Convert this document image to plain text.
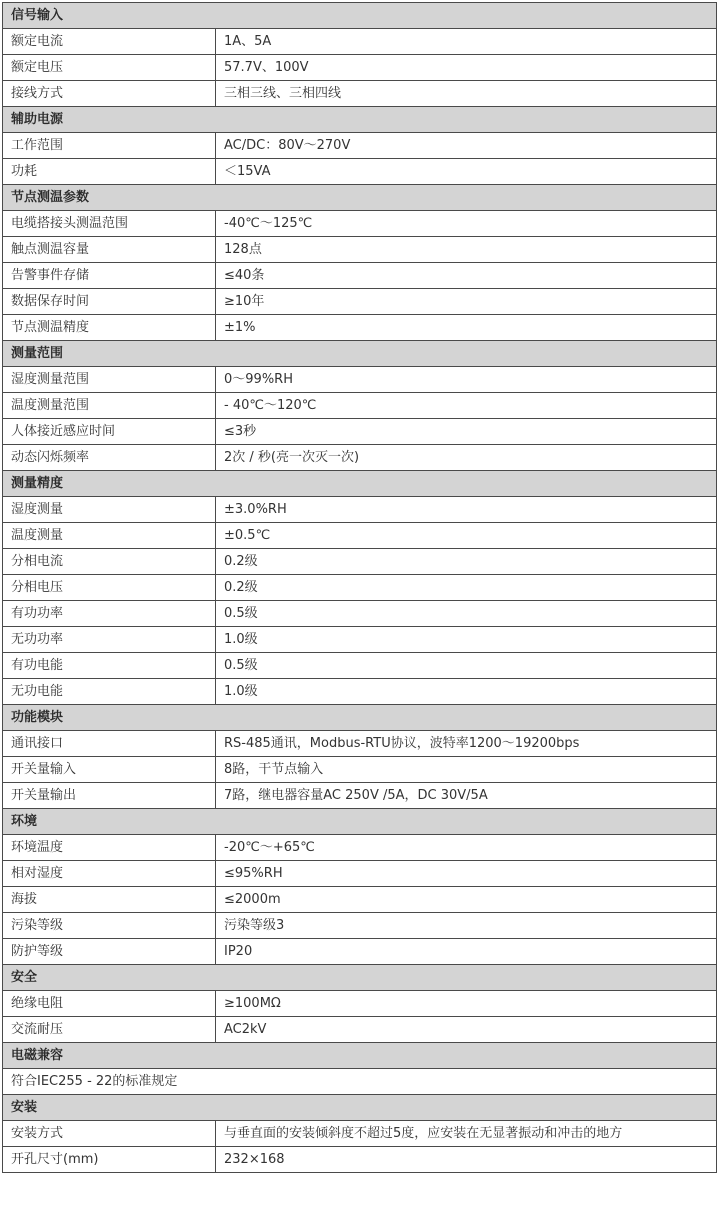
信号输入	
额定电流	1A、5A
额定电压	57.7V、100V
接线方式	三相三线、三相四线
辅助电源	
工作范围	AC/DC：80V～270V
功耗	＜15VA
节点测温参数	
电缆搭接头测温范围	-40℃～125℃
触点测温容量	128点
告警事件存储	≤40条
数据保存时间	≥10年
节点测温精度	±1%
测量范围	
湿度测量范围	0～99%RH
温度测量范围	- 40℃～120℃
人体接近感应时间	≤3秒
动态闪烁频率	2次 / 秒(亮一次灭一次)
测量精度	
湿度测量	±3.0%RH
温度测量	±0.5℃
分相电流	0.2级
分相电压	0.2级
有功功率	0.5级
无功功率	1.0级
有功电能	0.5级
无功电能	1.0级
功能模块	
通讯接口	RS-485通讯，Modbus-RTU协议，波特率1200～19200bps
开关量输入	8路，干节点输入
开关量输出	7路，继电器容量AC 250V /5A，DC 30V/5A
环境	
环境温度	-20℃～+65℃
相对湿度	≤95%RH
海拔	≤2000m
污染等级	污染等级3
防护等级	IP20
安全	
绝缘电阻	≥100MΩ
交流耐压	AC2kV
电磁兼容	
符合IEC255 - 22的标准规定	
安装	
安装方式	与垂直面的安装倾斜度不超过5度，应安装在无显著振动和冲击的地方
开孔尺寸(mm)	232×168
